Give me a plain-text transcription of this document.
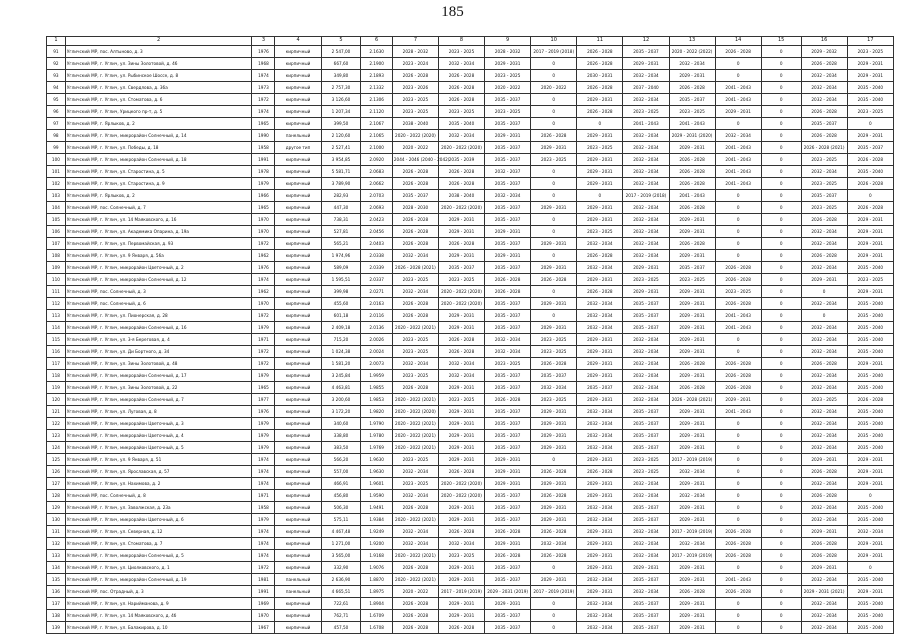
185
1	2	3	4	5	6	7	8	9	10	11	12	13	14	15	16	17
91	Угличский МР, пос. Алтыново, д. 3	1976	кирпичный	2 547,00	2.1630	2028 - 2032	2023 - 2025	2028 - 2032	2017 - 2019 (2018)	2026 - 2028	2035 - 2037	2020 - 2022 (2022)	2026 - 2028	0	2029 - 2032	2023 - 2025
92	Угличский МР, г. Углич, ул. Зины Золотовой, д. 46	1968	кирпичный	667,60	2.1900	2023 - 2024	2032 - 2034	2029 - 2031	0	2026 - 2028	2029 - 2031	2032 - 2034	0	0	2026 - 2028	2029 - 2031
93	Угличский МР, г. Углич, ул. Рыбинское Шоссе, д. 8	1974	кирпичный	349,80	2.1893	2026 - 2028	2026 - 2028	2023 - 2025	0	2030 - 2031	2032 - 2034	2029 - 2031	0	0	2032 - 2034	2029 - 2031
94	Угличский МР, г. Углич, ул. Свердлова, д. 36а	1973	кирпичный	2 757,30	2.1332	2023 - 2026	2026 - 2028	2020 - 2022	2020 - 2022	2026 - 2028	2037 - 2040	2026 - 2028	2041 - 2043	0	2032 - 2034	2035 - 2040
95	Угличский МР, г. Углич, ул. Стоматова, д. 6	1972	кирпичный	3 126,60	2.1306	2023 - 2025	2026 - 2028	2035 - 2037	0	2029 - 2031	2032 - 2034	2035 - 2037	2041 - 2043	0	2032 - 2034	2035 - 2040
96	Угличский МР, г. Углич, Урицкого пр-т, д. 5	1974	кирпичный	1 207,34	2.1120	2023 - 2025	2023 - 2025	2023 - 2025	0	2026 - 2028	2023 - 2025	2023 - 2025	2029 - 2031	0	2026 - 2028	2023 - 2025
97	Угличский МР, г. Ярлыков, д. 2	1965	кирпичный	399,50	2.1067	2038 - 2040	2035 - 2040	2035 - 2037	0	0	2041 - 2043	2041 - 2043	0	0	2035 - 2037	0
98	Угличский МР, г. Углич, микрорайон Солнечный, д. 14	1990	панельный	2 120,60	2.1065	2020 - 2022 (2020)	2032 - 2034	2029 - 2031	2026 - 2028	2029 - 2031	2032 - 2034	2029 - 2031 (2020)	2032 - 2034	0	2026 - 2028	2029 - 2031
99	Угличский МР, г. Углич, ул. Победы, д. 18	1958	другое тип	2 527,41	2.1000	2020 - 2022	2020 - 2022 (2020)	2035 - 2037	2029 - 2031	2023 - 2025	2032 - 2034	2029 - 2031	2041 - 2043	0	2026 - 2028 (2021)	2035 - 2037
100	Угличский МР, г. Углич, микрорайон Солнечный, д. 18	1991	кирпичный	3 954,85	2.0920	2044 - 2046 (2040 - 2042)	2035 - 2039	2035 - 2037	2023 - 2025	2029 - 2031	2032 - 2034	2026 - 2028	2041 - 2043	0	2023 - 2025	2026 - 2028
101	Угличский МР, г. Углич, ул. Старостина, д. 5	1978	кирпичный	5 581,71	2.0683	2026 - 2028	2026 - 2028	2032 - 2037	0	2029 - 2031	2032 - 2034	2026 - 2028	2041 - 2043	0	2032 - 2034	2035 - 2040
102	Угличский МР, г. Углич, ул. Старостина, д. 9	1979	кирпичный	3 789,90	2.0662	2026 - 2028	2026 - 2028	2035 - 2037	0	2029 - 2031	2032 - 2034	2026 - 2028	2041 - 2043	0	2023 - 2025	2026 - 2028
103	Угличский МР, г. Ярлыков, д. 2	1966	кирпичный	282,93	2.0703	2035 - 2037	2038 - 2040	2032 - 2034	0	0	2017 - 2019 (2018)	2041 - 2043	0	0	2035 - 2037	0
104	Угличский МР, пос. Солнечный, д. 7	1965	кирпичный	447,30	2.0693	2028 - 2030	2020 - 2022 (2020)	2035 - 2037	2029 - 2031	2029 - 2031	2032 - 2034	2026 - 2028	0	0	2023 - 2025	2026 - 2028
105	Угличский МР, г. Углич, ул. 14 Маяковского, д. 16	1970	кирпичный	738,31	2.0423	2026 - 2028	2029 - 2031	2035 - 2037	0	2029 - 2031	2032 - 2034	2029 - 2031	0	0	2026 - 2028	2029 - 2031
106	Угличский МР, г. Углич, ул. Академика Опарина, д. 19а	1970	кирпичный	527,81	2.0456	2026 - 2028	2029 - 2031	2029 - 2031	0	2023 - 2025	2032 - 2034	2029 - 2031	0	0	2032 - 2034	2029 - 2031
107	Угличский МР, г. Углич, ул. Первомайская, д. 93	1972	кирпичный	565,21	2.0403	2026 - 2028	2026 - 2028	2035 - 2037	2029 - 2031	2032 - 2034	2032 - 2034	2026 - 2028	0	0	2032 - 2034	2029 - 2031
108	Угличский МР, г. Углич, ул. 9 Января, д. 56а	1962	кирпичный	1 974,96	2.0338	2032 - 2034	2029 - 2031	2029 - 2031	0	2026 - 2028	2032 - 2034	2029 - 2031	0	0	2026 - 2028	2029 - 2031
109	Угличский МР, г. Углич, микрорайон Цветочный, д. 2	1976	кирпичный	589,09	2.0339	2026 - 2028 (2021)	2035 - 2037	2035 - 2037	2029 - 2031	2032 - 2034	2029 - 2031	2035 - 2037	2026 - 2028	0	2032 - 2034	2035 - 2040
110	Угличский МР, г. Углич, микрорайон Солнечный, д. 12	1974	кирпичный	1 595,51	2.0337	2023 - 2025	2023 - 2025	2026 - 2028	2026 - 2028	2029 - 2031	2023 - 2025	2023 - 2025	2026 - 2028	0	2029 - 2031	2023 - 2025
111	Угличский МР, пос. Солнечный, д. 3	1962	кирпичный	399,98	2.0271	2032 - 2034	2020 - 2022 (2020)	2026 - 2028	0	2026 - 2028	2029 - 2031	2029 - 2031	2023 - 2025	0	0	2029 - 2031
112	Угличский МР, пос. Солнечный, д. 6	1970	кирпичный	455,60	2.0163	2026 - 2028	2020 - 2022 (2020)	2035 - 2037	2029 - 2031	2032 - 2034	2035 - 2037	2029 - 2031	2026 - 2028	0	2032 - 2034	2035 - 2040
113	Угличский МР, г. Углич, ул. Пионерская, д. 28	1972	кирпичный	601,18	2.0116	2026 - 2028	2029 - 2031	2035 - 2037	0	2032 - 2034	2035 - 2037	2029 - 2031	2041 - 2043	0	0	2035 - 2040
114	Угличский МР, г. Углич, микрорайон Солнечный, д. 16	1979	кирпичный	2 409,18	2.0136	2020 - 2022 (2021)	2029 - 2031	2035 - 2037	2029 - 2031	2032 - 2034	2035 - 2037	2029 - 2031	2041 - 2043	0	2032 - 2034	2035 - 2040
115	Угличский МР, г. Углич, ул. 3-я Береговая, д. 4	1971	кирпичный	715,20	2.0026	2023 - 2025	2026 - 2028	2032 - 2034	2023 - 2025	2029 - 2031	2032 - 2034	2029 - 2031	0	0	2032 - 2034	2035 - 2040
116	Угличский МР, г. Углич, ул. Ди Бортного, д. 34	1972	кирпичный	1 024,38	2.0024	2023 - 2025	2026 - 2028	2032 - 2034	2023 - 2025	2029 - 2031	2032 - 2034	2029 - 2031	0	0	2032 - 2034	2035 - 2040
117	Угличский МР, г. Углич, ул. Зины Золотовой, д. 48	1972	кирпичный	1 581,20	2.0073	2032 - 2034	2032 - 2034	2023 - 2025	2026 - 2028	2029 - 2031	2032 - 2034	2026 - 2028	2026 - 2028	0	2026 - 2028	2029 - 2031
118	Угличский МР, г. Углич, микрорайон Солнечный, д. 17	1979	кирпичный	3 245,84	1.9959	2023 - 2025	2032 - 2034	2035 - 2037	2035 - 2037	2029 - 2031	2032 - 2034	2029 - 2031	2026 - 2028	0	2032 - 2034	2035 - 2040
119	Угличский МР, г. Углич, ул. Зины Золотовой, д. 22	1965	кирпичный	4 463,81	1.9855	2026 - 2028	2029 - 2031	2035 - 2037	2032 - 2034	2035 - 2037	2032 - 2034	2026 - 2028	2026 - 2028	0	2032 - 2034	2035 - 2040
120	Угличский МР, г. Углич, микрорайон Солнечный, д. 7	1977	кирпичный	3 200,60	1.9853	2020 - 2022 (2021)	2023 - 2025	2026 - 2028	2023 - 2025	2029 - 2031	2032 - 2034	2026 - 2028 (2021)	2029 - 2031	0	2023 - 2025	2026 - 2028
121	Угличский МР, г. Углич, ул. Луговая, д. 8	1976	кирпичный	3 172,20	1.9820	2020 - 2022 (2020)	2029 - 2031	2035 - 2037	2029 - 2031	2032 - 2034	2035 - 2037	2029 - 2031	2041 - 2043	0	2032 - 2034	2035 - 2040
122	Угличский МР, г. Углич, микрорайон Цветочный, д. 3	1979	кирпичный	340,60	1.9790	2020 - 2022 (2021)	2029 - 2031	2035 - 2037	2029 - 2031	2032 - 2034	2035 - 2037	2029 - 2031	0	0	2032 - 2034	2035 - 2040
123	Угличский МР, г. Углич, микрорайон Цветочный, д. 4	1979	кирпичный	338,80	1.9780	2020 - 2022 (2021)	2029 - 2031	2035 - 2037	2029 - 2031	2032 - 2034	2035 - 2037	2029 - 2031	0	0	2032 - 2034	2035 - 2040
124	Угличский МР, г. Углич, микрорайон Цветочный, д. 5	1979	кирпичный	383,50	1.9769	2020 - 2022 (2021)	2029 - 2031	2035 - 2037	2029 - 2031	2032 - 2034	2035 - 2037	2029 - 2031	0	0	2032 - 2034	2035 - 2040
125	Угличский МР, г. Углич, ул. 9 Января, д. 51	1974	кирпичный	566,20	1.9630	2023 - 2025	2029 - 2031	2029 - 2031	0	2029 - 2031	2023 - 2025	2017 - 2019 (2019)	0	0	2029 - 2031	2029 - 2031
126	Угличский МР, г. Углич, ул. Ярославская, д. 57	1974	кирпичный	557,00	1.9630	2032 - 2034	2026 - 2028	2029 - 2031	2026 - 2028	2026 - 2028	2023 - 2025	2032 - 2034	0	0	2026 - 2028	2029 - 2031
127	Угличский МР, г. Углич, ул. Нахимова, д. 2	1974	кирпичный	466,91	1.9601	2023 - 2025	2020 - 2022 (2020)	2029 - 2031	2029 - 2031	2029 - 2031	2032 - 2034	2029 - 2031	0	0	2032 - 2034	2029 - 2031
128	Угличский МР, пос. Солнечный, д. 8	1971	кирпичный	456,80	1.9590	2032 - 2034	2020 - 2022 (2020)	2035 - 2037	2026 - 2028	2029 - 2031	2032 - 2034	2032 - 2034	0	0	2026 - 2028	0
129	Угличский МР, г. Углич, ул. Заволжская, д. 23а	1958	кирпичный	506,30	1.9491	2026 - 2028	2029 - 2031	2035 - 2037	2029 - 2031	2032 - 2034	2035 - 2037	2029 - 2031	0	0	2032 - 2034	2035 - 2040
130	Угличский МР, г. Углич, микрорайон Цветочный, д. 6	1979	кирпичный	575,11	1.9384	2020 - 2022 (2021)	2029 - 2031	2035 - 2037	2029 - 2031	2032 - 2034	2035 - 2037	2029 - 2031	0	0	2032 - 2034	2035 - 2040
131	Угличский МР, г. Углич, ул. Северная, д. 12	1974	кирпичный	4 467,48	1.9249	2032 - 2034	2026 - 2028	2026 - 2028	2026 - 2028	2029 - 2031	2032 - 2034	2017 - 2019 (2019)	2026 - 2028	0	2029 - 2031	2032 - 2034
132	Угличский МР, г. Углич, ул. Стоматова, д. 7	1974	кирпичный	1 271,00	1.9200	2032 - 2034	2032 - 2034	2029 - 2031	2032 - 2034	2029 - 2031	2032 - 2034	2032 - 2034	2026 - 2028	0	2026 - 2028	2029 - 2031
133	Угличский МР, г. Углич, микрорайон Солнечный, д. 5	1974	кирпичный	3 565,00	1.9168	2020 - 2022 (2021)	2023 - 2025	2026 - 2028	2026 - 2028	2029 - 2031	2032 - 2034	2017 - 2019 (2019)	2026 - 2028	0	2026 - 2028	2029 - 2031
134	Угличский МР, г. Углич, ул. Циолковского, д. 1	1972	кирпичный	332,90	1.9076	2026 - 2028	2029 - 2031	2035 - 2037	0	2029 - 2031	2029 - 2031	2029 - 2031	0	0	2029 - 2031	0
135	Угличский МР, г. Углич, микрорайон Солнечный, д. 19	1981	панельный	2 636,90	1.8870	2020 - 2022 (2021)	2029 - 2031	2035 - 2037	2029 - 2031	2032 - 2034	2035 - 2037	2029 - 2031	2041 - 2043	0	2032 - 2034	2035 - 2040
136	Угличский МР, пос. Отрадный, д. 3	1991	панельный	4 665,51	1.8975	2020 - 2022	2017 - 2019 (2019)	2029 - 2031 (2019)	2017 - 2019 (2019)	2029 - 2031	2032 - 2034	2026 - 2028	2026 - 2028	0	2029 - 2031 (2021)	2029 - 2031
137	Угличский МР, г. Углич, ул. Нарийманова, д. 9	1969	кирпичный	722,61	1.8904	2026 - 2028	2029 - 2031	2029 - 2031	0	2032 - 2034	2035 - 2037	2029 - 2031	0	0	2032 - 2034	2035 - 2040
138	Угличский МР, г. Углич, ул. 14 Маяковского, д. 4б	1970	кирпичный	762,71	1.6709	2026 - 2028	2029 - 2031	2035 - 2037	0	2032 - 2034	2035 - 2037	2029 - 2031	0	0	2032 - 2034	2035 - 2040
139	Угличский МР, г. Углич, ул. Балакирова, д. 10	1967	кирпичный	457,50	1.6708	2026 - 2028	2026 - 2028	2035 - 2037	0	2032 - 2034	2035 - 2037	2029 - 2031	0	0	2032 - 2034	2035 - 2040
